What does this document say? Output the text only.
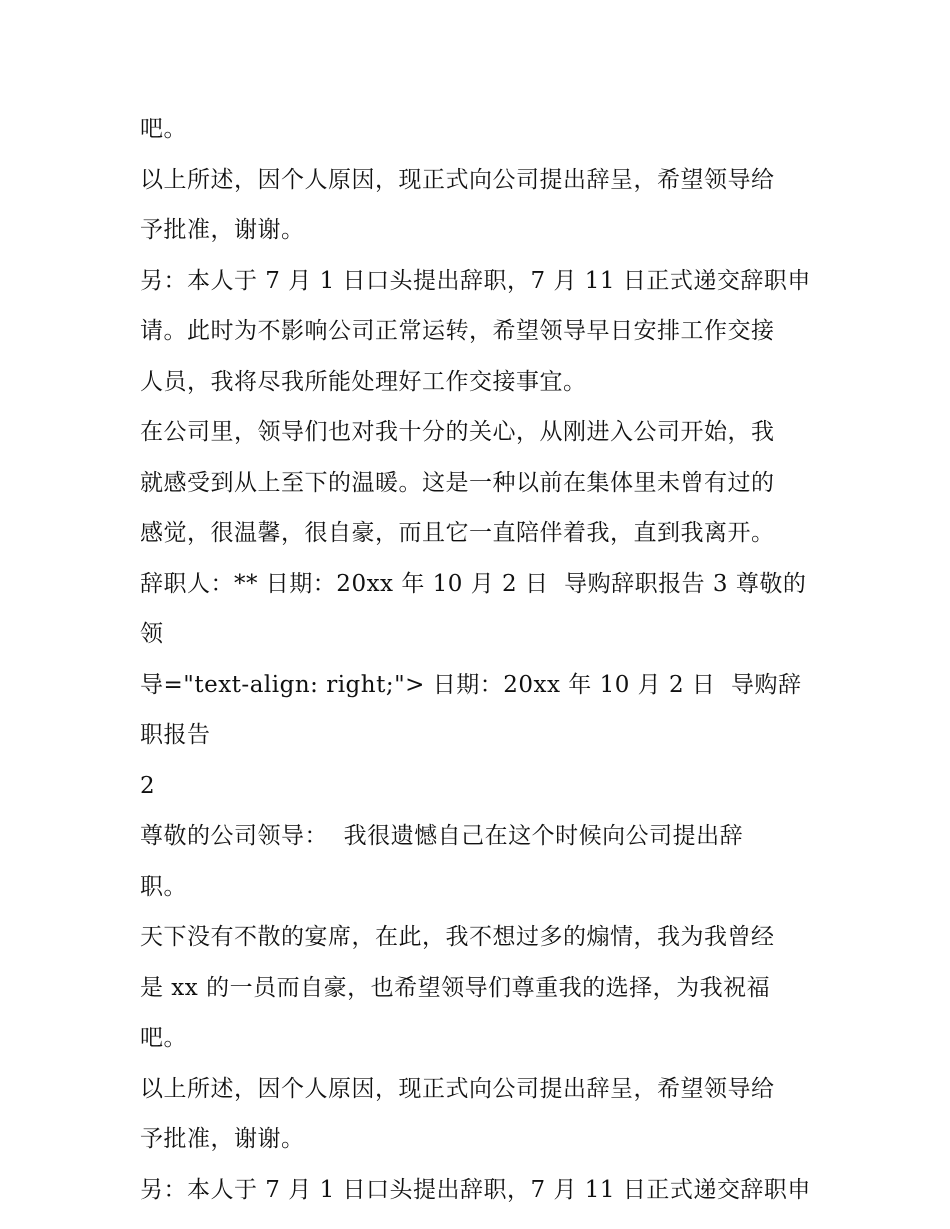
吧。

以上所述，因个人原因，现正式向公司提出辞呈，希望领导给
予批准，谢谢。

另：本人于 7 月 1 日口头提出辞职，7 月 11 日正式递交辞职申
请。此时为不影响公司正常运转，希望领导早日安排工作交接
人员，我将尽我所能处理好工作交接事宜。

在公司里，领导们也对我十分的关心，从刚进入公司开始，我
就感受到从上至下的温暖。这是一种以前在集体里未曾有过的
感觉，很温馨，很自豪，而且它一直陪伴着我，直到我离开。

辞职人：** 日期：20xx 年 10 月 2 日  导购辞职报告 3 尊敬的领
导="text-align: right;"> 日期：20xx 年 10 月 2 日  导购辞职报告
2

尊敬的公司领导：  我很遗憾自己在这个时候向公司提出辞
职。

天下没有不散的宴席，在此，我不想过多的煽情，我为我曾经
是 xx 的一员而自豪，也希望领导们尊重我的选择，为我祝福
吧。

以上所述，因个人原因，现正式向公司提出辞呈，希望领导给
予批准，谢谢。

另：本人于 7 月 1 日口头提出辞职，7 月 11 日正式递交辞职申
